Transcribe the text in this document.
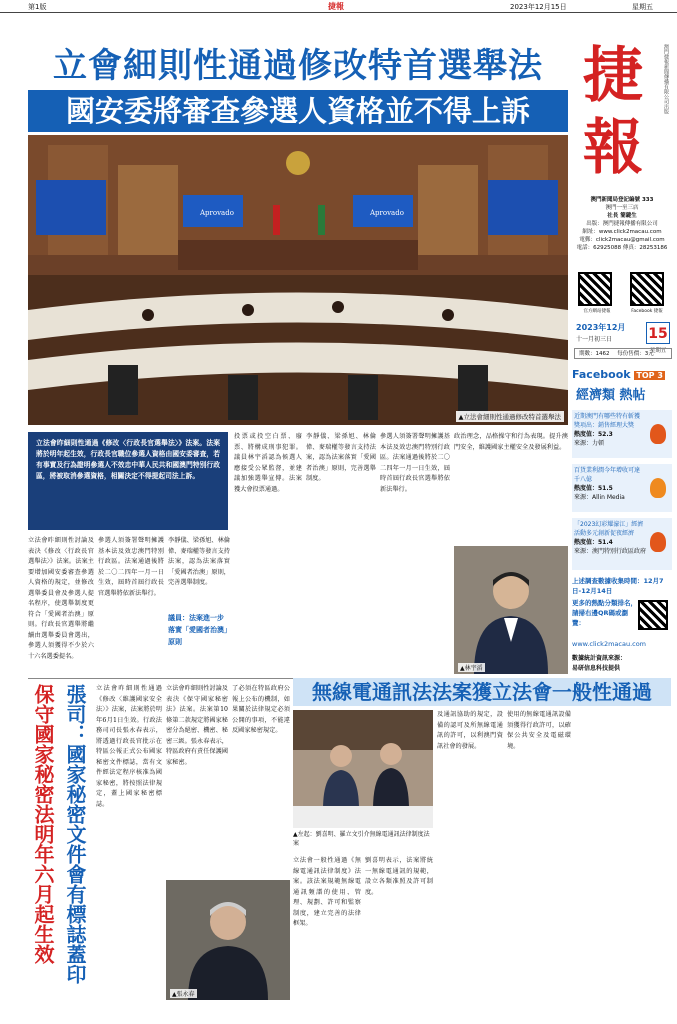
第1版	捷報	2023年12月15日	星期五
立會細則性通過修改特首選舉法
國安委將審查參選人資格並不得上訴
Aprovado	Aprovado
▲立法會細則性通過修改特首選舉法
捷
報
澳門捷報新聞傳播有限公司出版
澳門新聞局登記編號 333
澳門一至三店
社長 簡鍵生
出版：澳門捷報傳播有限公司
網址：www.click2macau.com
電郵：click2macau@gmail.com
電話：62925088 傳真：28253186
官方網站捷報	Facebook 捷報
2023年12月
十一月初三日	15
星期五
期數：1462 每份售價：3元
Facebook TOP 3
經濟類 熱帖
近期澳門有哪些特有斬獲獎項出：銷售經理大獎
熱度值：52.3
來源：力頓
百貨業利潤今年增收可達千八億
熱度值：51.5
來源：Allin Media
「2023幻彩耀濠江」經濟活動多元創新促夜經濟
熱度值：51.4
來源：澳門特別行政區政府
上述調查數據收集時間：12月7日-12月14日
更多的熱點分類排名，請掃右邊QR碼或瀏覽：
www.click2macau.com
數據統計資訊來源：
易研信息科技提供
立法會昨細則性通過《修改〈行政長官選舉法〉》法案。法案將於明年起生效，行政長官職位參選人資格由國安委審查，若有事實及行為證明參選人不效忠中華人民共和國澳門特別行政區，將被取消參選資格，相關決定不得提起司法上訴。
立法會昨細則性討論及表決《修改〈行政長官選舉法〉》法案。法案主要增加國安委審查參選人資格的規定，並修改選舉委員會及參選人提名程序，使選舉制度更符合「愛國者治澳」原則。行政長官選舉將繼續由選舉委員會選出，參選人須獲得不少於六十六名選委提名。
參選人須簽署聲明擁護基本法及效忠澳門特別行政區。法案通過後將於二〇二四年一月一日生效，屆時首屆行政長官選舉將依新法舉行。
李靜儀、梁孫旭、林倫偉、麥瑞權等發言支持法案，認為法案落實「愛國者治澳」原則，完善選舉制度。
議員：法案進一步落實「愛國者治澳」原則
投票或投空白票、廢票、將構成刑事犯罪。議員林宇滔認為候選人應接受公眾監督，並建議加強選舉宣傳。法案獲大會投票通過。
李靜儀、梁孫旭、林倫偉、麥瑞權等發言支持法案，認為法案落實「愛國者治澳」原則，完善選舉制度。
參選人須簽署聲明擁護基本法及效忠澳門特別行政區。法案通過後將於二〇二四年一月一日生效，屆時首屆行政長官選舉將依新法舉行。
政治理念，品格操守和行為表現。提升澳門安全，維護國家主權安全及發展利益。
▲林宇滔
保守國家秘密法明年六月起生效 張司：國家秘密文件會有標誌蓋印	立法會昨細則性通過《修改〈維護國家安全法〉》法案，法案將於明年6月1日生效。行政法務司司長張永春表示，將透過行政長官批示在特區公報正式公布國家秘密文件標誌，當有文件經法定程序核准為國家秘密，將按照法律規定，蓋上國家秘密標誌。
立法會昨細則性討論及表決《保守國家秘密法》法案。法案第10條第二款規定將國家秘密分為絕密、機密、秘密三級。張永春表示，特區政府有責任保護國家秘密。
了必須在特區政府公報上公布的機制，如果關於法律規定必須公開的事項，不能違反國家秘密規定。
▲張永春
無線電通訊法法案獲立法會一般性通過
▲左起：劉喜明、羅立文引介無線電通訊法律制度法案
立法會一般性通過《無線電通訊法律制度》法案。該法案規範無線電通訊頻譜的使用、管理、規劃、許可和監察制度，建立完善的法律框架。
劉喜明表示，法案將統一無線電通訊的規範，設立各類准照及許可制度。
及通訊協助的規定，設備的認可及所無線電通訊的許可，以利澳門資訊社會的發展。
使用的無線電通訊設備須獲得行政許可，以確保公共安全及電磁環境。
